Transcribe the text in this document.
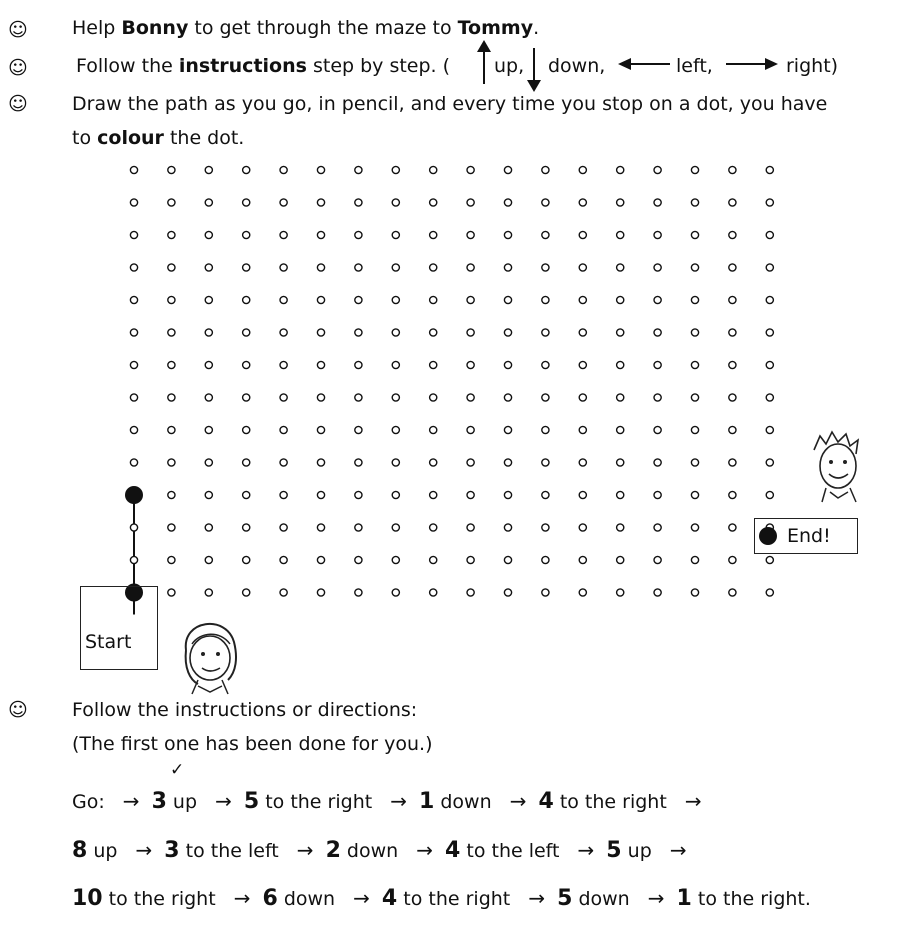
☺
☺
☺
☺
Help Bonny to get through the maze to Tommy.
Follow the instructions step by step. ( up, down,	left,	right)
Draw the path as you go, in pencil, and every time you stop on a dot, you have
to colour the dot.
Start
End!
Follow the instructions or directions:
(The first one has been done for you.)
✓
Go: → 3 up → 5 to the right → 1 down → 4 to the right →
8 up → 3 to the left → 2 down → 4 to the left → 5 up →
10 to the right → 6 down → 4 to the right → 5 down → 1 to the right.
